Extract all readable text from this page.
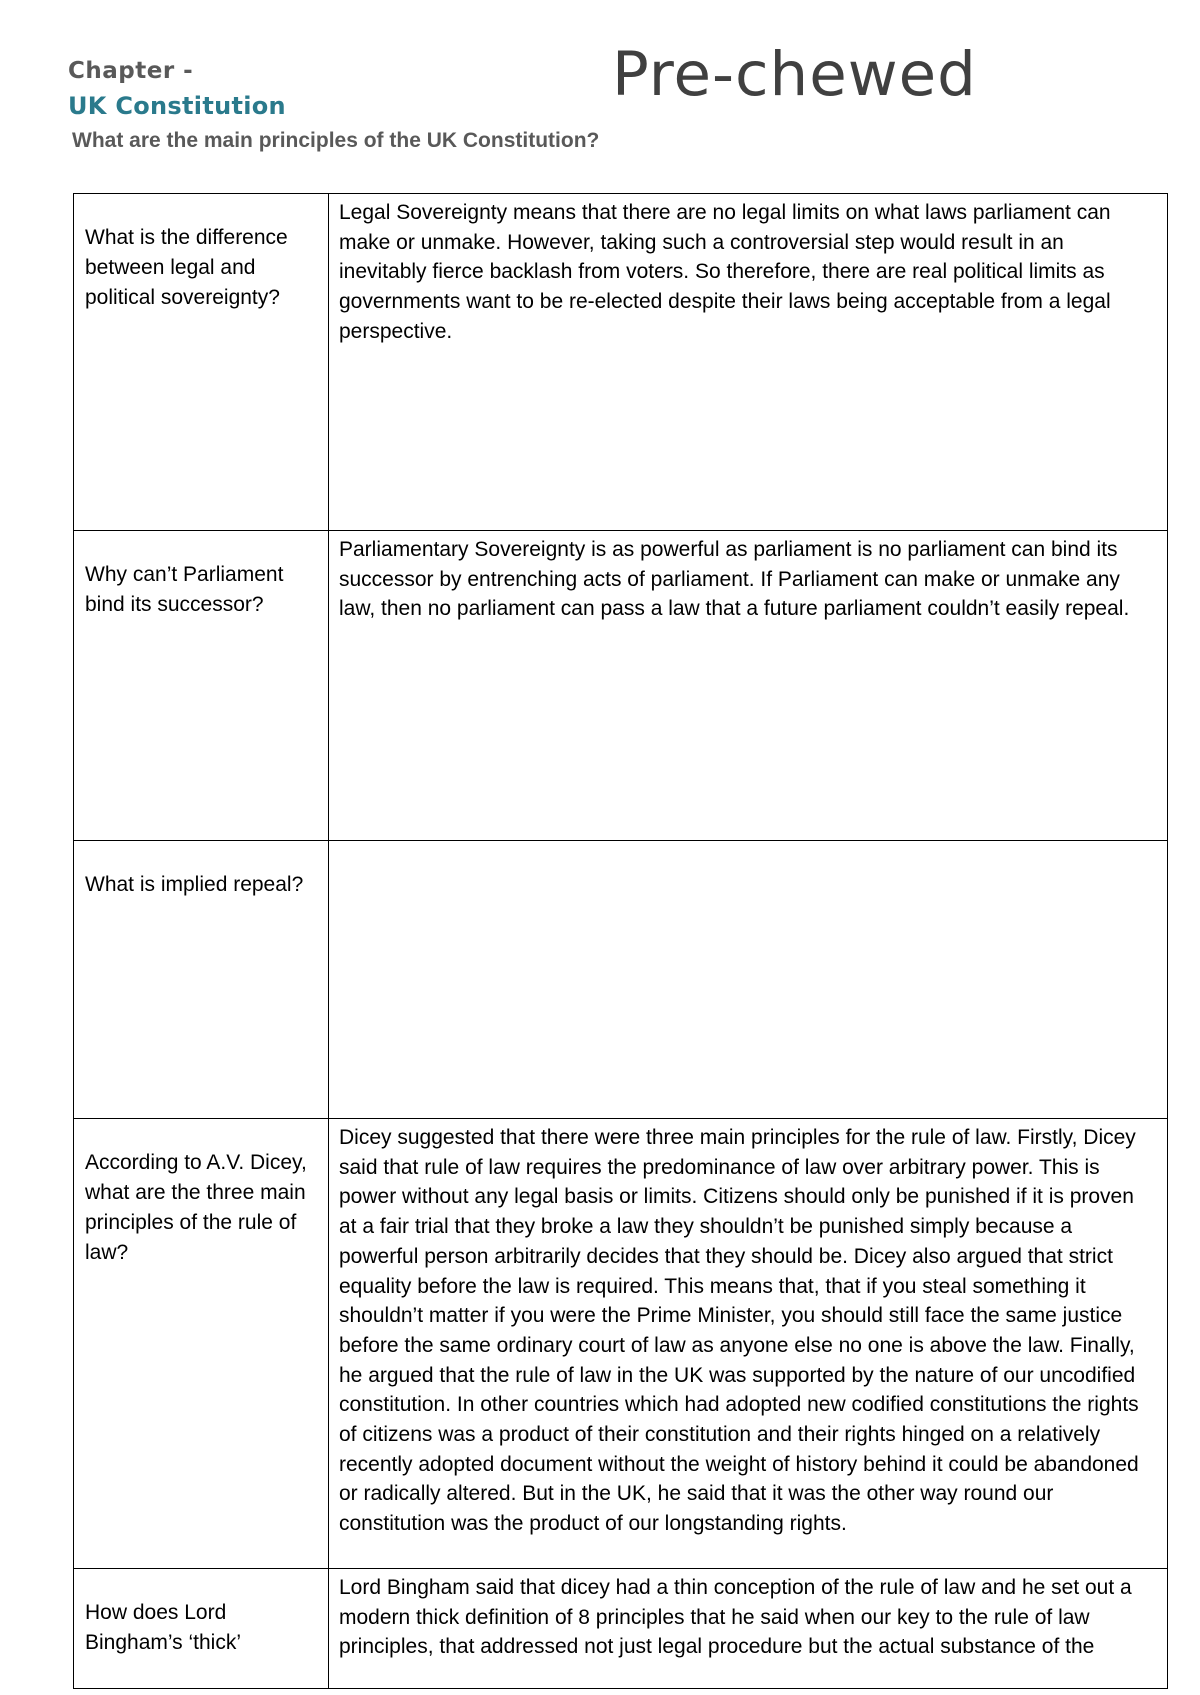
Chapter -
UK Constitution	Pre-chewed
What are the main principles of the UK Constitution?
What is the difference between legal and political sovereignty?	Legal Sovereignty means that there are no legal limits on what laws parliament can make or unmake. However, taking such a controversial step would result in an inevitably fierce backlash from voters. So therefore, there are real political limits as governments want to be re-elected despite their laws being acceptable from a legal perspective.

Why can’t Parliament bind its successor?	Parliamentary Sovereignty is as powerful as parliament is no parliament can bind its successor by entrenching acts of parliament. If Parliament can make or unmake any law, then no parliament can pass a law that a future parliament couldn’t easily repeal.

What is implied repeal?	

According to A.V. Dicey, what are the three main principles of the rule of law?	Dicey suggested that there were three main principles for the rule of law. Firstly, Dicey said that rule of law requires the predominance of law over arbitrary power. This is power without any legal basis or limits. Citizens should only be punished if it is proven at a fair trial that they broke a law they shouldn’t be punished simply because a powerful person arbitrarily decides that they should be. Dicey also argued that strict equality before the law is required. This means that, that if you steal something it shouldn’t matter if you were the Prime Minister, you should still face the same justice before the same ordinary court of law as anyone else no one is above the law. Finally, he argued that the rule of law in the UK was supported by the nature of our uncodified constitution. In other countries which had adopted new codified constitutions the rights of citizens was a product of their constitution and their rights hinged on a relatively recently adopted document without the weight of history behind it could be abandoned or radically altered. But in the UK, he said that it was the other way round our constitution was the product of our longstanding rights.

How does Lord Bingham’s ‘thick’	Lord Bingham said that dicey had a thin conception of the rule of law and he set out a modern thick definition of 8 principles that he said when our key to the rule of law principles, that addressed not just legal procedure but the actual substance of the
